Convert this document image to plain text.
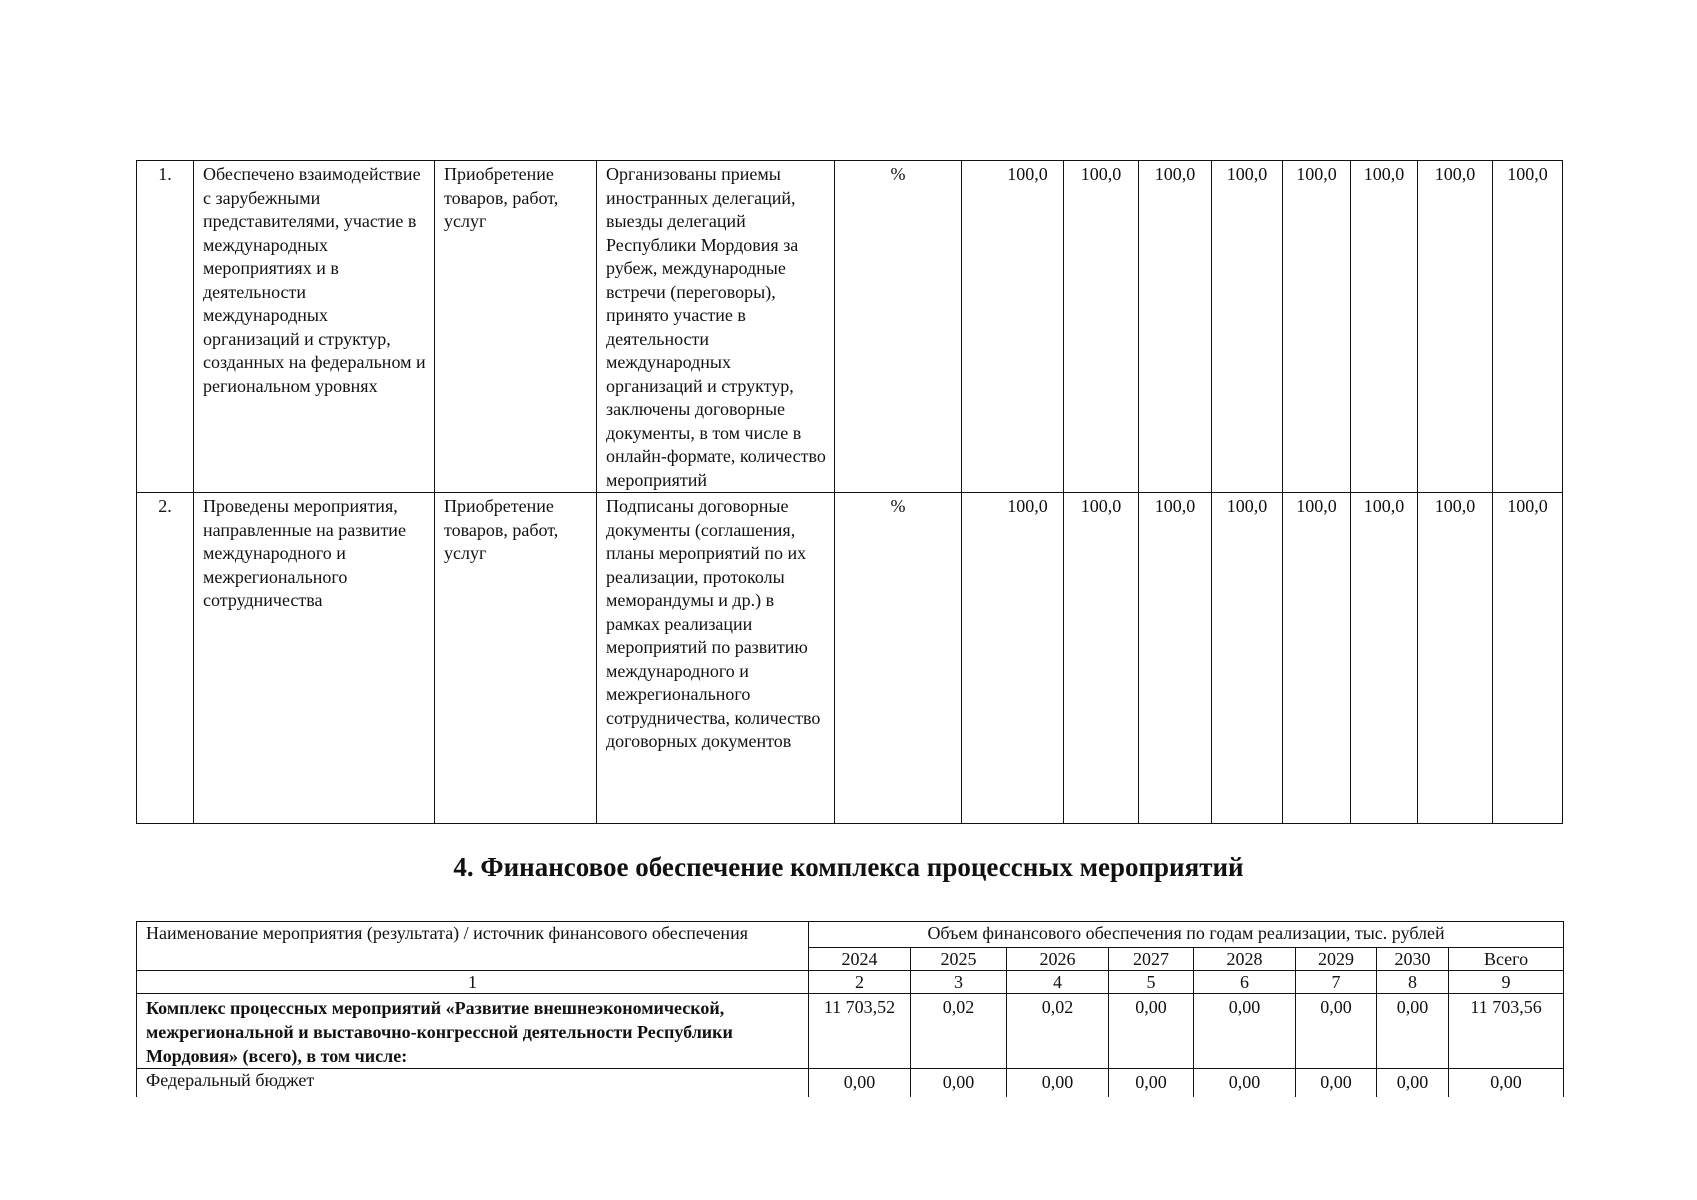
1.	Обеспечено взаимодействие с зарубежными представителями, участие в международных мероприятиях и в деятельности международных организаций и структур, созданных на федеральном и региональном уровнях	Приобретение товаров, работ, услуг	Организованы приемы иностранных делегаций, выезды делегаций Республики Мордовия за рубеж, международные встречи (переговоры), принято участие в деятельности международных организаций и структур, заключены договорные документы, в том числе в онлайн-формате, количество мероприятий	%	100,0	100,0	100,0	100,0	100,0	100,0	100,0	100,0
2.	Проведены мероприятия, направленные на развитие международного и межрегионального сотрудничества	Приобретение товаров, работ, услуг	Подписаны договорные документы (соглашения, планы мероприятий по их реализации, протоколы меморандумы и др.) в рамках реализации мероприятий по развитию международного и межрегионального сотрудничества, количество договорных документов	%	100,0	100,0	100,0	100,0	100,0	100,0	100,0	100,0
4. Финансовое обеспечение комплекса процессных мероприятий
Наименование мероприятия (результата) / источник финансового обеспечения	Объем финансового обеспечения по годам реализации, тыс. рублей							
	2024	2025	2026	2027	2028	2029	2030	Всего
1	2	3	4	5	6	7	8	9
Комплекс процессных мероприятий «Развитие внешнеэкономической, межрегиональной и выставочно-конгрессной деятельности Республики Мордовия» (всего), в том числе:	11 703,52	0,02	0,02	0,00	0,00	0,00	0,00	11 703,56
Федеральный бюджет	0,00	0,00	0,00	0,00	0,00	0,00	0,00	0,00
